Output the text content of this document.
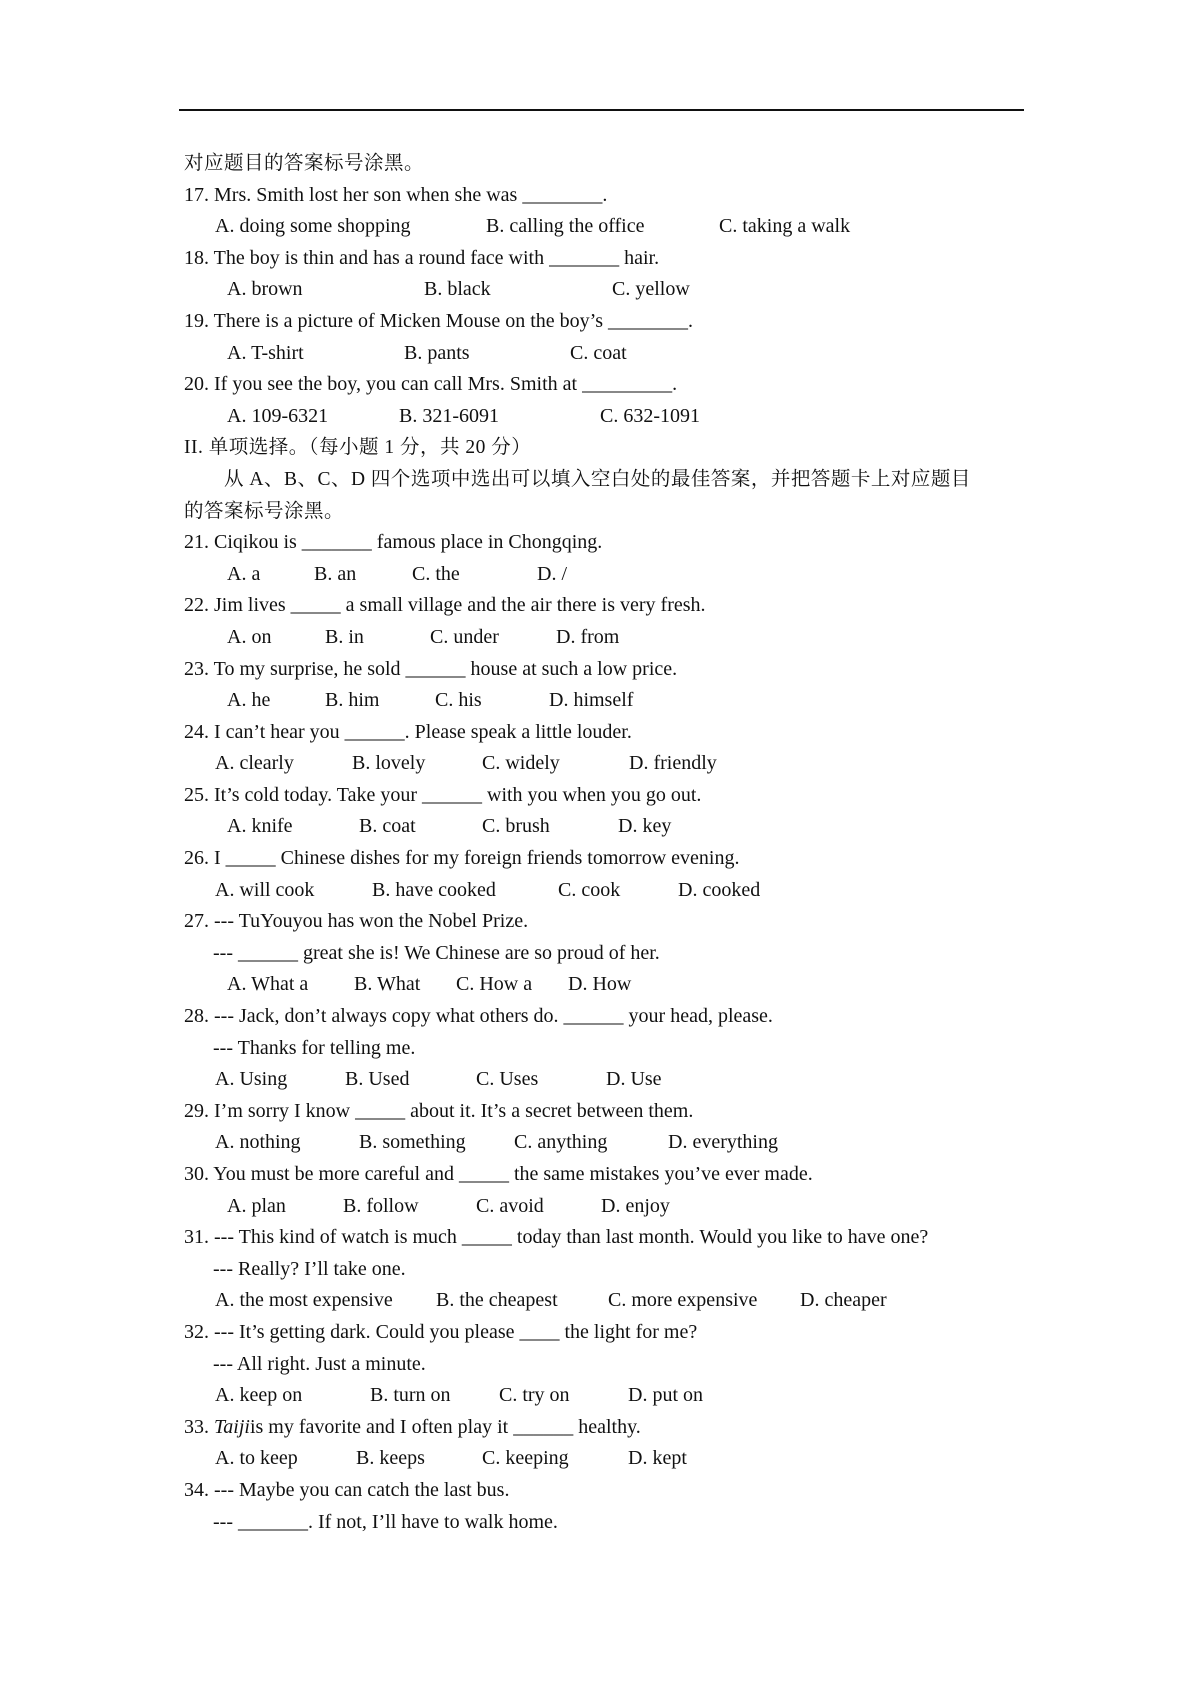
对应题目的答案标号涂黑。
17. Mrs. Smith lost her son when she was ________.
A. doing some shopping	B. calling the office	C. taking a walk
18. The boy is thin and has a round face with _______ hair.
A. brown	B. black	C. yellow
19. There is a picture of Micken Mouse on the boy’s ________.
A. T-shirt	B. pants	C. coat
20. If you see the boy, you can call Mrs. Smith at _________.
A. 109-6321	B. 321-6091	C. 632-1091
II. 单项选择。（每小题 1 分，共 20 分）
从 A、B、C、D 四个选项中选出可以填入空白处的最佳答案，并把答题卡上对应题目
的答案标号涂黑。
21. Ciqikou is _______ famous place in Chongqing.
A. a	B. an	C. the	D. /
22. Jim lives _____ a small village and the air there is very fresh.
A. on	B. in	C. under	D. from
23. To my surprise, he sold ______ house at such a low price.
A. he	B. him	C. his	D. himself
24. I can’t hear you ______. Please speak a little louder.
A. clearly	B. lovely	C. widely	D. friendly
25. It’s cold today. Take your ______ with you when you go out.
A. knife	B. coat	C. brush	D. key
26. I _____ Chinese dishes for my foreign friends tomorrow evening.
A. will cook	B. have cooked	C. cook	D. cooked
27. --- TuYouyou has won the Nobel Prize.
--- ______ great she is! We Chinese are so proud of her.
A. What a B. What C. How a D. How
28. --- Jack, don’t always copy what others do. ______ your head, please.
--- Thanks for telling me.
A. Using	B. Used	C. Uses	D. Use
29. I’m sorry I know _____ about it. It’s a secret between them.
A. nothing	B. something C. anything	D. everything
30. You must be more careful and _____ the same mistakes you’ve ever made.
A. plan	B. follow	C. avoid	D. enjoy
31. --- This kind of watch is much _____ today than last month. Would you like to have one?
--- Really? I’ll take one.
A. the most expensive B. the cheapest	C. more expensive D. cheaper
32. --- It’s getting dark. Could you please ____ the light for me?
--- All right. Just a minute.
A. keep on	B. turn on C. try on	D. put on
33. Taijiis my favorite and I often play it ______ healthy.
A. to keep	B. keeps	C. keeping	D. kept
34. --- Maybe you can catch the last bus.
--- _______. If not, I’ll have to walk home.
